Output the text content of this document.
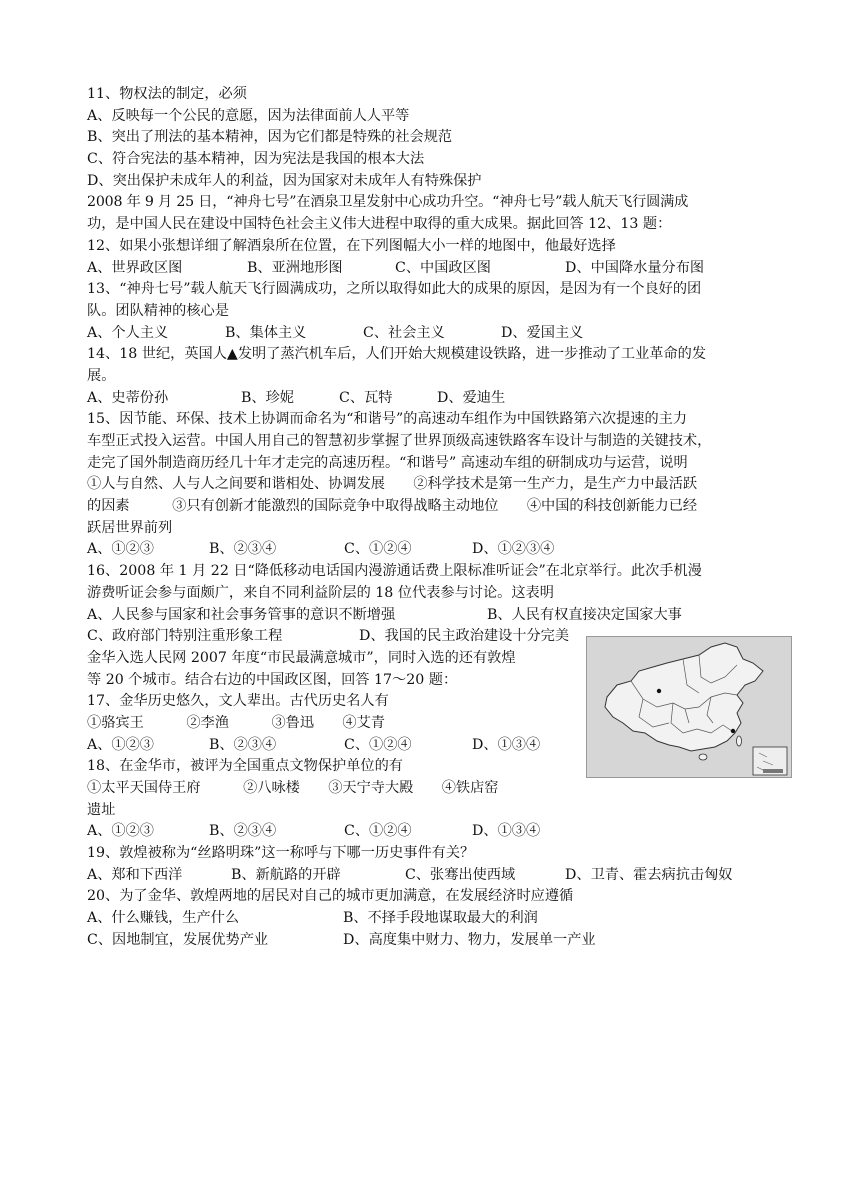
11、物权法的制定，必须
A、反映每一个公民的意愿，因为法律面前人人平等
B、突出了刑法的基本精神，因为它们都是特殊的社会规范
C、符合宪法的基本精神，因为宪法是我国的根本大法
D、突出保护未成年人的利益，因为国家对未成年人有特殊保护
2008 年 9 月 25 日，“神舟七号”在酒泉卫星发射中心成功升空。“神舟七号”载人航天飞行圆满成
功，是中国人民在建设中国特色社会主义伟大进程中取得的重大成果。据此回答 12、13 题：
12、如果小张想详细了解酒泉所在位置，在下列图幅大小一样的地图中，他最好选择
A、世界政区图	B、亚洲地形图	C、中国政区图	D、中国降水量分布图
13、“神舟七号”载人航天飞行圆满成功，之所以取得如此大的成果的原因，是因为有一个良好的团
队。团队精神的核心是
A、个人主义	B、集体主义	C、社会主义	D、爱国主义
14、18 世纪，英国人▲发明了蒸汽机车后，人们开始大规模建设铁路，进一步推动了工业革命的发
展。
A、史蒂份孙	B、珍妮	C、瓦特	D、爱迪生
15、因节能、环保、技术上协调而命名为“和谐号”的高速动车组作为中国铁路第六次提速的主力
车型正式投入运营。中国人用自己的智慧初步掌握了世界顶级高速铁路客车设计与制造的关键技术，
走完了国外制造商历经几十年才走完的高速历程。“和谐号” 高速动车组的研制成功与运营，说明
①人与自然、人与人之间要和谐相处、协调发展　　②科学技术是第一生产力，是生产力中最活跃
的因素　　　③只有创新才能激烈的国际竞争中取得战略主动地位　　④中国的科技创新能力已经
跃居世界前列
A、①②③	B、②③④	C、①②④	D、①②③④
16、2008 年 1 月 22 日“降低移动电话国内漫游通话费上限标准听证会”在北京举行。此次手机漫
游费听证会参与面颇广，来自不同利益阶层的 18 位代表参与讨论。这表明
A、人民参与国家和社会事务管事的意识不断增强	B、人民有权直接决定国家大事
C、政府部门特别注重形象工程	D、我国的民主政治建设十分完美
金华入选人民网 2007 年度“市民最满意城市”，同时入选的还有敦煌
等 20 个城市。结合右边的中国政区图，回答 17～20 题：
17、金华历史悠久，文人辈出。古代历史名人有
①骆宾王　　　②李渔　　　③鲁迅　　④艾青
A、①②③	B、②③④	C、①②④	D、①③④
18、在金华市，被评为全国重点文物保护单位的有
①太平天国侍王府　　　②八咏楼　　③天宁寺大殿　　④铁店窑
遗址
A、①②③	B、②③④	C、①②④	D、①③④
19、敦煌被称为“丝路明珠”这一称呼与下哪一历史事件有关？
A、郑和下西洋	B、新航路的开辟	C、张骞出使西域	D、卫青、霍去病抗击匈奴
20、为了金华、敦煌两地的居民对自己的城市更加满意，在发展经济时应遵循
A、什么赚钱，生产什么	B、不择手段地谋取最大的利润
C、因地制宜，发展优势产业	D、高度集中财力、物力，发展单一产业
